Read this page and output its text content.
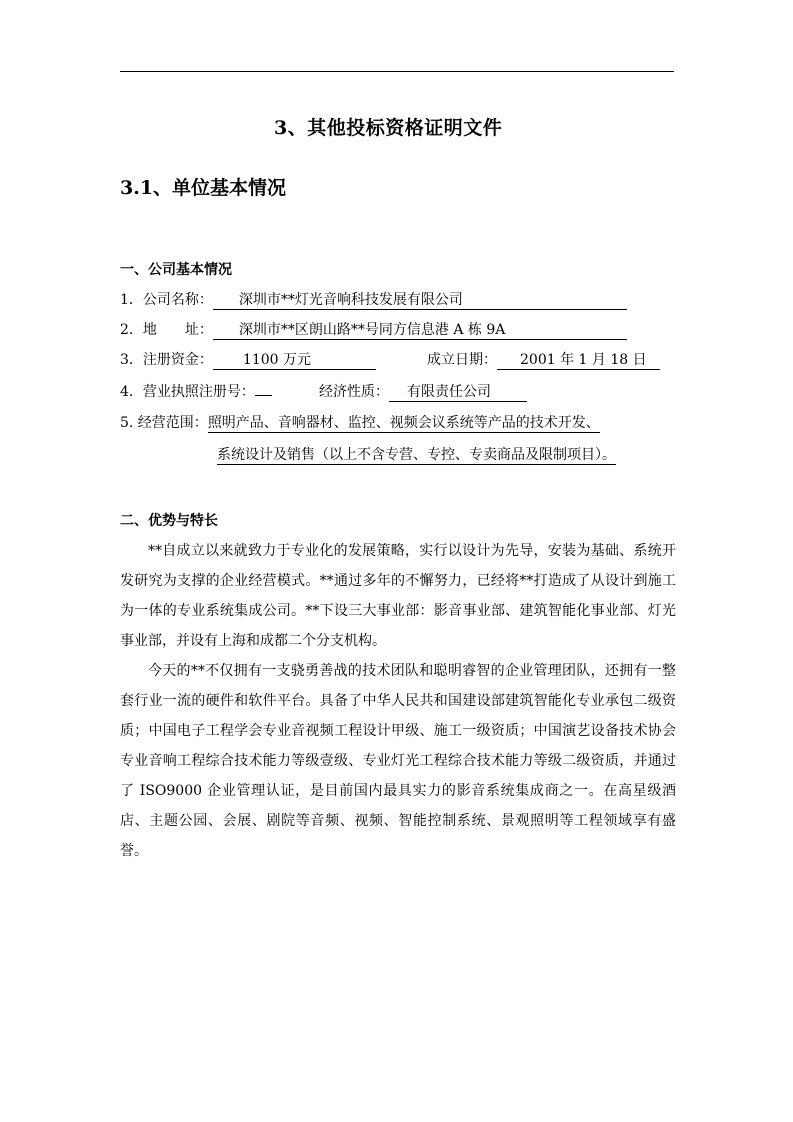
3、其他投标资格证明文件
3.1、单位基本情况
一、公司基本情况
1．公司名称： 深圳市**灯光音响科技发展有限公司
2．地 址： 深圳市**区朗山路**号同方信息港 A 栋 9A
3．注册资金： 1100 万元	成立日期： 2001 年 1 月 18 日
4．营业执照注册号：	经济性质： 有限责任公司
5. 经营范围：照明产品、音响器材、监控、视频会议系统等产品的技术开发、
系统设计及销售（以上不含专营、专控、专卖商品及限制项目）。
二、优势与特长

**自成立以来就致力于专业化的发展策略，实行以设计为先导，安装为基础、系统开发研究为支撑的企业经营模式。**通过多年的不懈努力，已经将**打造成了从设计到施工为一体的专业系统集成公司。**下设三大事业部：影音事业部、建筑智能化事业部、灯光事业部，并设有上海和成都二个分支机构。

今天的**不仅拥有一支骁勇善战的技术团队和聪明睿智的企业管理团队，还拥有一整套行业一流的硬件和软件平台。具备了中华人民共和国建设部建筑智能化专业承包二级资质；中国电子工程学会专业音视频工程设计甲级、施工一级资质；中国演艺设备技术协会专业音响工程综合技术能力等级壹级、专业灯光工程综合技术能力等级二级资质，并通过了 ISO9000 企业管理认证，是目前国内最具实力的影音系统集成商之一。在高星级酒店、主题公园、会展、剧院等音频、视频、智能控制系统、景观照明等工程领域享有盛誉。
